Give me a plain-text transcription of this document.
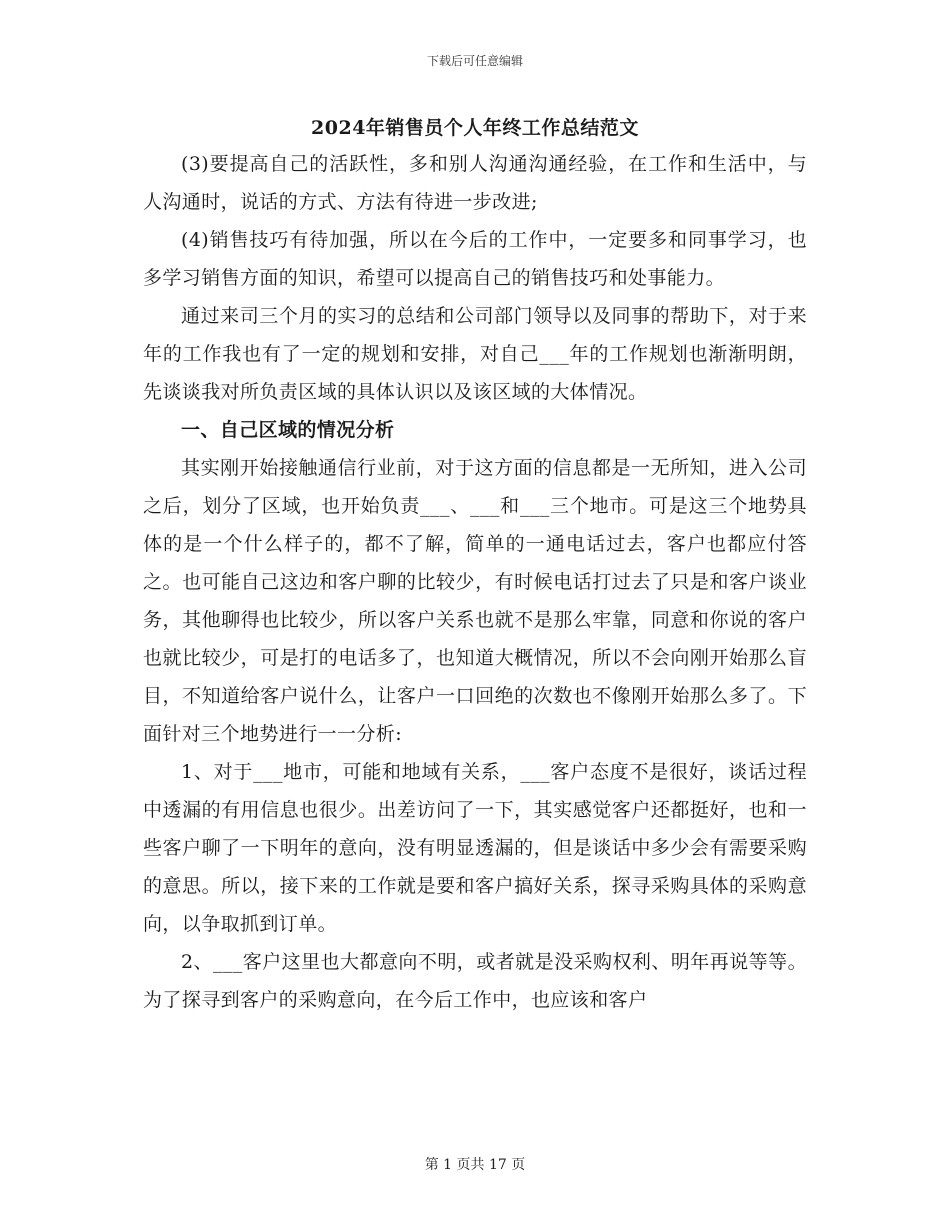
下载后可任意编辑
2024年销售员个人年终工作总结范文

(3)要提高自己的活跃性，多和别人沟通沟通经验，在工作和生活中，与人沟通时，说话的方式、方法有待进一步改进;

(4)销售技巧有待加强，所以在今后的工作中，一定要多和同事学习，也多学习销售方面的知识，希望可以提高自己的销售技巧和处事能力。

通过来司三个月的实习的总结和公司部门领导以及同事的帮助下，对于来年的工作我也有了一定的规划和安排，对自己___年的工作规划也渐渐明朗，先谈谈我对所负责区域的具体认识以及该区域的大体情况。

一、自己区域的情况分析

其实刚开始接触通信行业前，对于这方面的信息都是一无所知，进入公司之后，划分了区域，也开始负责___、___和___三个地市。可是这三个地势具体的是一个什么样子的，都不了解，简单的一通电话过去，客户也都应付答之。也可能自己这边和客户聊的比较少，有时候电话打过去了只是和客户谈业务，其他聊得也比较少，所以客户关系也就不是那么牢靠，同意和你说的客户也就比较少，可是打的电话多了，也知道大概情况，所以不会向刚开始那么盲目，不知道给客户说什么，让客户一口回绝的次数也不像刚开始那么多了。下面针对三个地势进行一一分析:

1、对于___地市，可能和地域有关系，___客户态度不是很好，谈话过程中透漏的有用信息也很少。出差访问了一下，其实感觉客户还都挺好，也和一些客户聊了一下明年的意向，没有明显透漏的，但是谈话中多少会有需要采购的意思。所以，接下来的工作就是要和客户搞好关系，探寻采购具体的采购意向，以争取抓到订单。

2、___客户这里也大都意向不明，或者就是没采购权利、明年再说等等。为了探寻到客户的采购意向，在今后工作中，也应该和客户

第 1 页共 17 页
